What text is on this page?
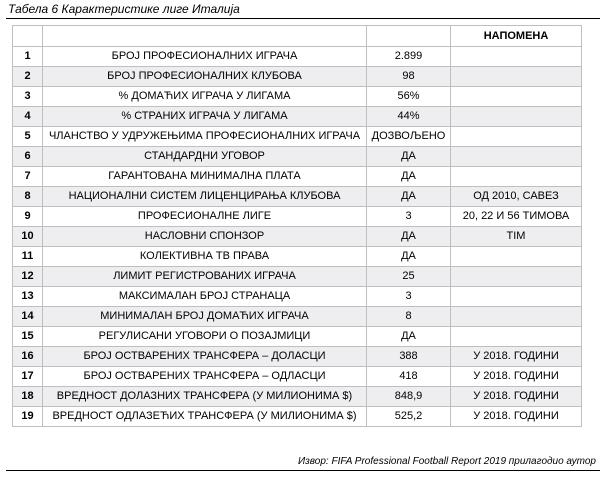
Табела 6 Карактеристике лиге Италија
			НАПОМЕНА
1	БРОЈ ПРОФЕСИОНАЛНИХ ИГРАЧА	2.899	
2	БРОЈ ПРОФЕСИОНАЛНИХ КЛУБОВА	98	
3	% ДОМАЋИХ ИГРАЧА У ЛИГАМА	56%	
4	% СТРАНИХ ИГРАЧА У ЛИГАМА	44%	
5	ЧЛАНСТВО У УДРУЖЕЊИМА ПРОФЕСИОНАЛНИХ ИГРАЧА	ДОЗВОЉЕНО	
6	СТАНДАРДНИ УГОВОР	ДА	
7	ГАРАНТОВАНА МИНИМАЛНА ПЛАТА	ДА	
8	НАЦИОНАЛНИ СИСТЕМ ЛИЦЕНЦИРАЊА КЛУБОВА	ДА	ОД 2010, САВЕЗ
9	ПРОФЕСИОНАЛНЕ ЛИГЕ	3	20, 22 И 56 ТИМОВА
10	НАСЛОВНИ СПОНЗОР	ДА	TIM
11	КОЛЕКТИВНА ТВ ПРАВА	ДА	
12	ЛИМИТ РЕГИСТРОВАНИХ ИГРАЧА	25	
13	МАКСИМАЛАН БРОЈ СТРАНАЦА	3	
14	МИНИМАЛАН БРОЈ ДОМАЋИХ ИГРАЧА	8	
15	РЕГУЛИСАНИ УГОВОРИ О ПОЗАЈМИЦИ	ДА	
16	БРОЈ ОСТВАРЕНИХ ТРАНСФЕРА – ДОЛАСЦИ	388	У 2018. ГОДИНИ
17	БРОЈ ОСТВАРЕНИХ ТРАНСФЕРА – ОДЛАСЦИ	418	У 2018. ГОДИНИ
18	ВРЕДНОСТ ДОЛАЗНИХ ТРАНСФЕРА (У МИЛИОНИМА $)	848,9	У 2018. ГОДИНИ
19	ВРЕДНОСТ ОДЛАЗЕЋИХ ТРАНСФЕРА (У МИЛИОНИМА $)	525,2	У 2018. ГОДИНИ
Извор: FIFA Professional Football Report 2019 прилагодио аутор
